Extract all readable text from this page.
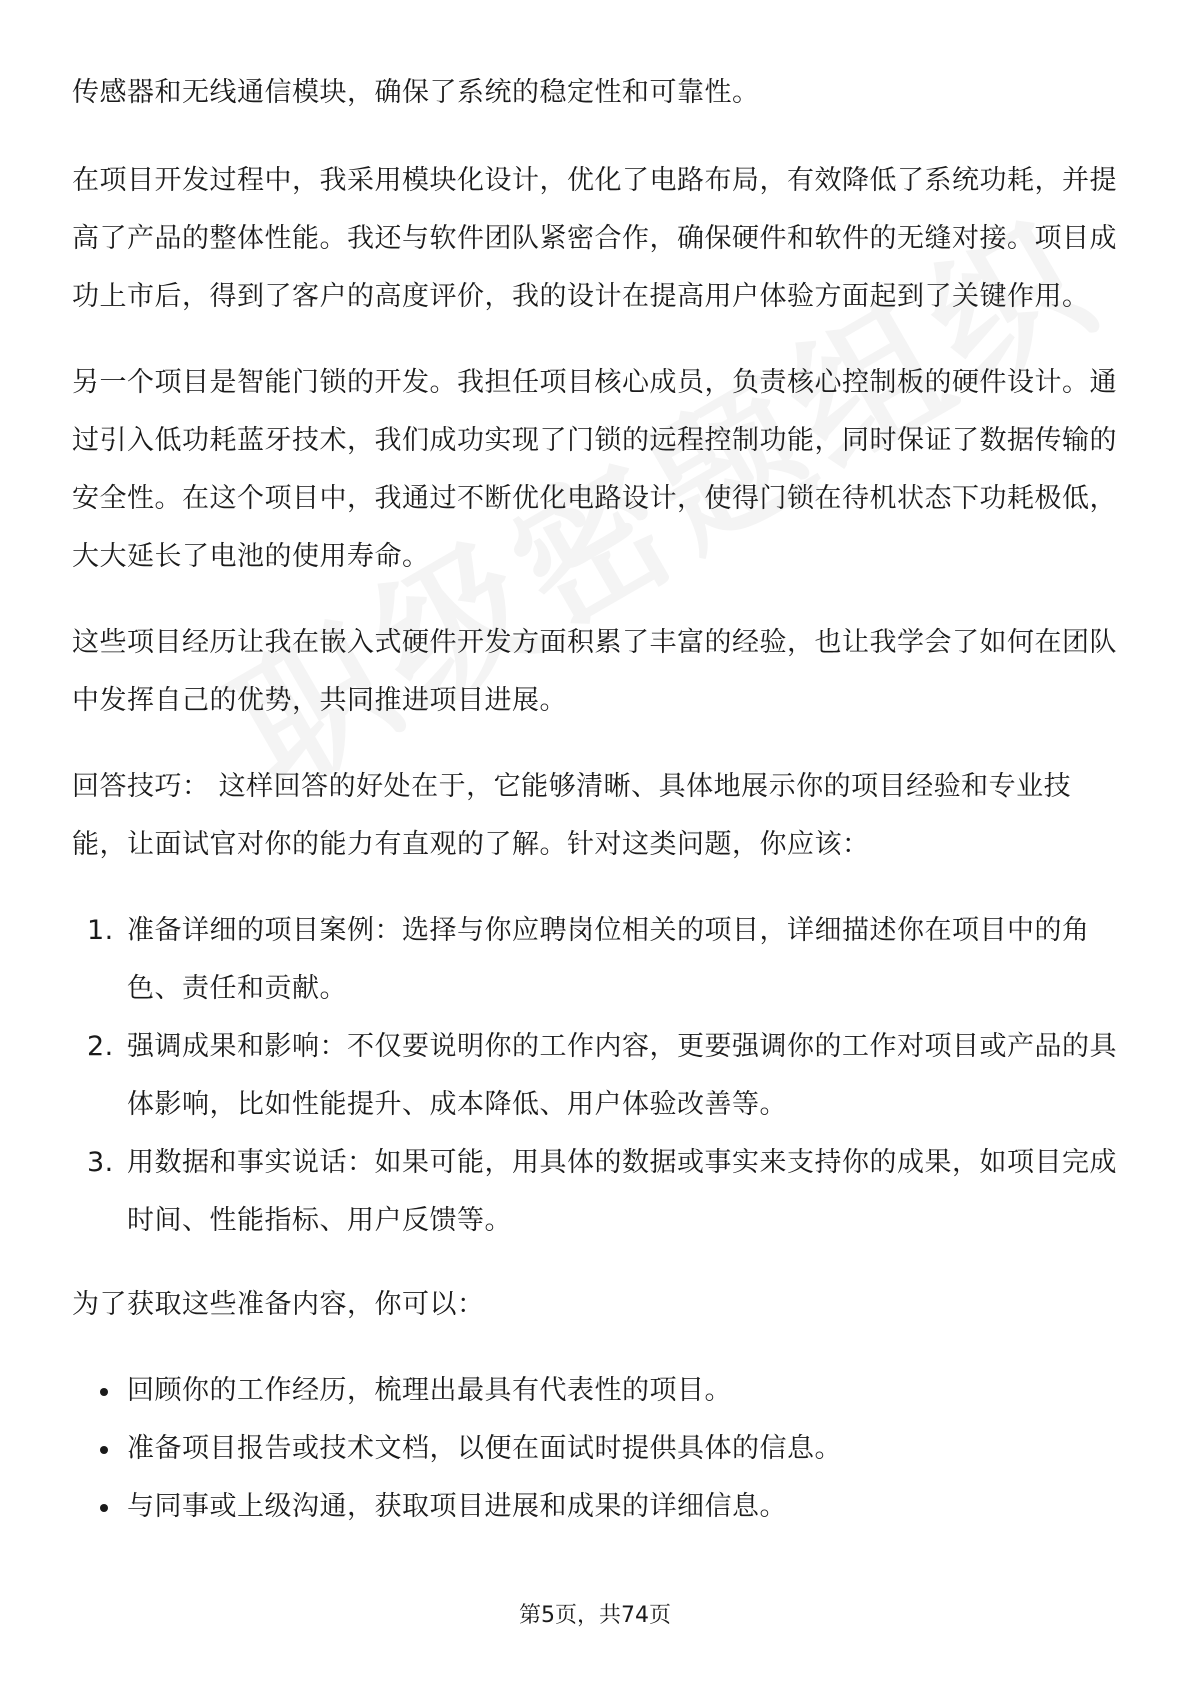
传感器和无线通信模块，确保了系统的稳定性和可靠性。

在项目开发过程中，我采用模块化设计，优化了电路布局，有效降低了系统功耗，并提高了产品的整体性能。我还与软件团队紧密合作，确保硬件和软件的无缝对接。项目成功上市后，得到了客户的高度评价，我的设计在提高用户体验方面起到了关键作用。

另一个项目是智能门锁的开发。我担任项目核心成员，负责核心控制板的硬件设计。通过引入低功耗蓝牙技术，我们成功实现了门锁的远程控制功能，同时保证了数据传输的安全性。在这个项目中，我通过不断优化电路设计，使得门锁在待机状态下功耗极低，大大延长了电池的使用寿命。

这些项目经历让我在嵌入式硬件开发方面积累了丰富的经验，也让我学会了如何在团队中发挥自己的优势，共同推进项目进展。

回答技巧： 这样回答的好处在于，它能够清晰、具体地展示你的项目经验和专业技能，让面试官对你的能力有直观的了解。针对这类问题，你应该：

1. 准备详细的项目案例：选择与你应聘岗位相关的项目，详细描述你在项目中的角色、责任和贡献。
2. 强调成果和影响：不仅要说明你的工作内容，更要强调你的工作对项目或产品的具体影响，比如性能提升、成本降低、用户体验改善等。
3. 用数据和事实说话：如果可能，用具体的数据或事实来支持你的成果，如项目完成时间、性能指标、用户反馈等。

为了获取这些准备内容，你可以：

回顾你的工作经历，梳理出最具有代表性的项目。
准备项目报告或技术文档，以便在面试时提供具体的信息。
与同事或上级沟通，获取项目进展和成果的详细信息。
第5页，共74页
